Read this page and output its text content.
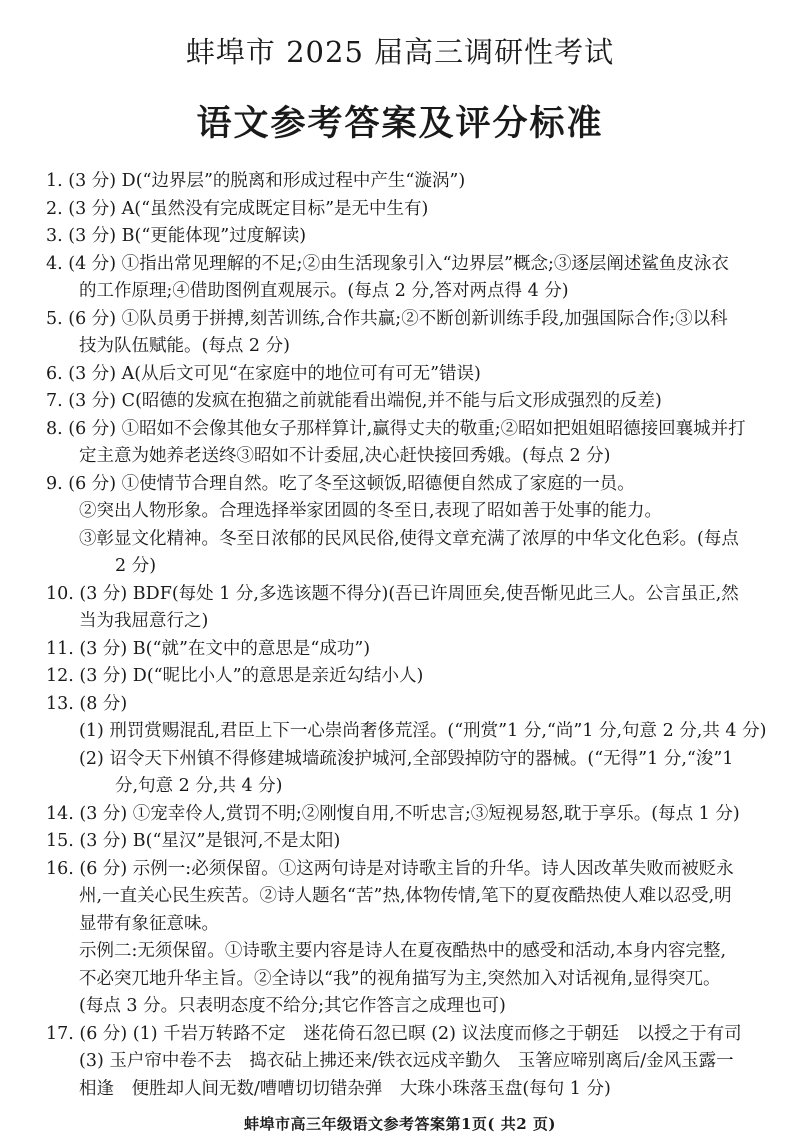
蚌埠市 2025 届高三调研性考试
语文参考答案及评分标准
1. (3 分) D(“边界层”的脱离和形成过程中产生“漩涡”)
2. (3 分) A(“虽然没有完成既定目标”是无中生有)
3. (3 分) B(“更能体现”过度解读)
4. (4 分) ①指出常见理解的不足;②由生活现象引入“边界层”概念;③逐层阐述鲨鱼皮泳衣
的工作原理;④借助图例直观展示。(每点 2 分,答对两点得 4 分)
5. (6 分) ①队员勇于拼搏,刻苦训练,合作共赢;②不断创新训练手段,加强国际合作;③以科
技为队伍赋能。(每点 2 分)
6. (3 分) A(从后文可见“在家庭中的地位可有可无”错误)
7. (3 分) C(昭德的发疯在抱猫之前就能看出端倪,并不能与后文形成强烈的反差)
8. (6 分) ①昭如不会像其他女子那样算计,赢得丈夫的敬重;②昭如把姐姐昭德接回襄城并打
定主意为她养老送终③昭如不计委屈,决心赶快接回秀娥。(每点 2 分)
9. (6 分) ①使情节合理自然。吃了冬至这顿饭,昭德便自然成了家庭的一员。
②突出人物形象。合理选择举家团圆的冬至日,表现了昭如善于处事的能力。
③彰显文化精神。冬至日浓郁的民风民俗,使得文章充满了浓厚的中华文化色彩。(每点
2 分)
10. (3 分) BDF(每处 1 分,多选该题不得分)(吾已许周匝矣,使吾惭见此三人。公言虽正,然
当为我屈意行之)
11. (3 分) B(“就”在文中的意思是“成功”)
12. (3 分) D(“昵比小人”的意思是亲近勾结小人)
13. (8 分)
(1) 刑罚赏赐混乱,君臣上下一心崇尚奢侈荒淫。(“刑赏”1 分,“尚”1 分,句意 2 分,共 4 分)
(2) 诏令天下州镇不得修建城墙疏浚护城河,全部毁掉防守的器械。(“无得”1 分,“浚”1
分,句意 2 分,共 4 分)
14. (3 分) ①宠幸伶人,赏罚不明;②刚愎自用,不听忠言;③短视易怒,耽于享乐。(每点 1 分)
15. (3 分) B(“星汉”是银河,不是太阳)
16. (6 分) 示例一:必须保留。①这两句诗是对诗歌主旨的升华。诗人因改革失败而被贬永
州,一直关心民生疾苦。②诗人题名“苦”热,体物传情,笔下的夏夜酷热使人难以忍受,明
显带有象征意味。
示例二:无须保留。①诗歌主要内容是诗人在夏夜酷热中的感受和活动,本身内容完整,
不必突兀地升华主旨。②全诗以“我”的视角描写为主,突然加入对话视角,显得突兀。
(每点 3 分。只表明态度不给分;其它作答言之成理也可)
17. (6 分) (1) 千岩万转路不定　迷花倚石忽已暝 (2) 议法度而修之于朝廷　以授之于有司
(3) 玉户帘中卷不去　捣衣砧上拂还来/铁衣远戍辛勤久　玉箸应啼别离后/金风玉露一
相逢　便胜却人间无数/嘈嘈切切错杂弹　大珠小珠落玉盘(每句 1 分)
蚌埠市高三年级语文参考答案第1页( 共2 页)
